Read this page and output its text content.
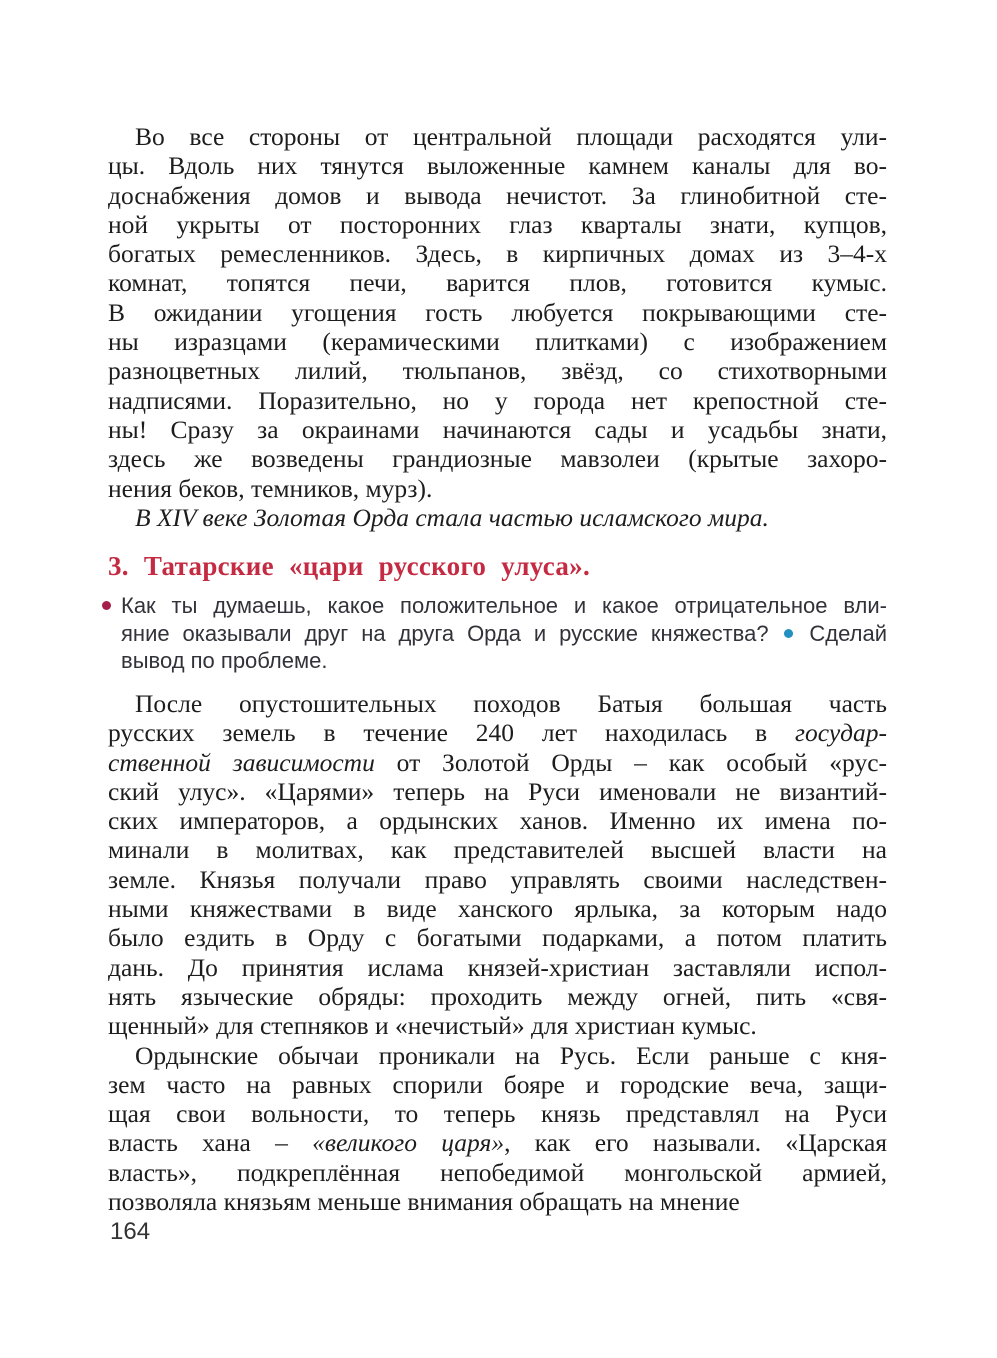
Во все стороны от центральной площади расходятся ули-
цы. Вдоль них тянутся выложенные камнем каналы для во-
доснабжения домов и вывода нечистот. За глинобитной сте-
ной укрыты от посторонних глаз кварталы знати, купцов,
богатых ремесленников. Здесь, в кирпичных домах из 3–4-х
комнат, топятся печи, варится плов, готовится кумыс.
В ожидании угощения гость любуется покрывающими сте-
ны изразцами (керамическими плитками) с изображением
разноцветных лилий, тюльпанов, звёзд, со стихотворными
надписями. Поразительно, но у города нет крепостной сте-
ны! Сразу за окраинами начинаются сады и усадьбы знати,
здесь же возведены грандиозные мавзолеи (крытые захоро-
нения беков, темников, мурз).
В XIV веке Золотая Орда стала частью исламского мира.
3. Татарские «цари русского улуса».
Как ты думаешь, какое положительное и какое отрицательное вли-
яние оказывали друг на друга Орда и русские княжества?  Сделай
вывод по проблеме.
После опустошительных походов Батыя большая часть
русских земель в течение 240 лет находилась в государ-
ственной зависимости от Золотой Орды – как особый «рус-
ский улус». «Царями» теперь на Руси именовали не византий-
ских императоров, а ордынских ханов. Именно их имена по-
минали в молитвах, как представителей высшей власти на
земле. Князья получали право управлять своими наследствен-
ными княжествами в виде ханского ярлыка, за которым надо
было ездить в Орду с богатыми подарками, а потом платить
дань. До принятия ислама князей-христиан заставляли испол-
нять языческие обряды: проходить между огней, пить «свя-
щенный» для степняков и «нечистый» для христиан кумыс.
Ордынские обычаи проникали на Русь. Если раньше с кня-
зем часто на равных спорили бояре и городские веча, защи-
щая свои вольности, то теперь князь представлял на Руси
власть хана – «великого царя», как его называли. «Царская
власть», подкреплённая непобедимой монгольской армией,
позволяла князьям меньше внимания обращать на мнение
164
